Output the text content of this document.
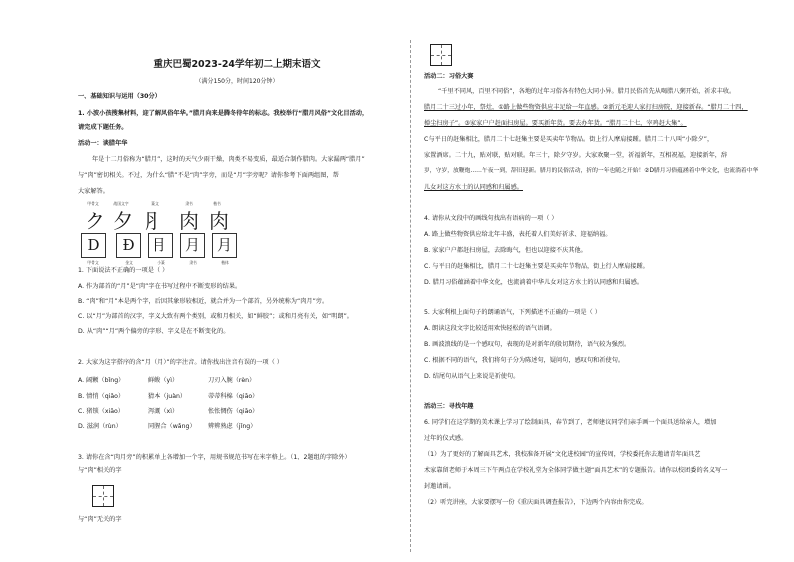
重庆巴蜀2023-24学年初二上期末语文
（满分150分，时间120分钟）
一、基础知识与运用（30分）
1. 小波小孩搜集材料，迎了解风俗年华。”腊月向来是腾冬待年的标志。我校举行“腊月风俗”文化目活动，
请完成下题任务。
活动一：谈腊年华
年是十二月俗称为“腊月”，这时的天气少雨干燥，肉类不易变质，最适合制作腊肉。大家漏两“腊月”
与“肉”密切相关。不过，为什么“腊”不是“肉”字旁，而是“月”字旁呢？请你参考下面两组图，帮
大家解答。
甲骨文	战国文字	篆文	隶书	楷书
ク 夕 ⺼ 肉 肉
D	Ð	⺝	月	月
甲骨文	金文	小篆	隶书	楷体
1. 下面说法不正确的一项是（ ）
A. 作为部首的“月”是“肉”字在书写过程中不断变形的结果。
B. “肉”和“月”本是两个字，后因其象形较相近，就合并为一个部首，另外统称为“肉月”旁。
C. 以“月”为部首的汉字，字义大致有两个类别，或和月相关，如“鲜胶”；或和月亮有关，如“明朗”。
D. 从“肉”“月”两个偏旁的字形、字义是在不断变化的。
2. 大家为这字搭序的含“月（月）”的字注音。请你找出注音有误的一项（ ）
A. 阔颗（bǐng）	鲜鲅（yì）	刀刃入腕（rèn）
B. 情悄（qiǎo）	猜本（juàn）	蒂蒂科棉（qiāo）
C. 猪锁（xiāo）	泻溉（xì）	怅怅惆伤（qiāo）
D. 滋润（rùn）	同腥合（wǎng） 辨辨熟虑（jǐng）
3. 请你在含“肉月旁”的积累单上各增加一个字，用规书规范书写在米字格上。（1、2题组的字除外）
与“肉”相关的字
与“肉”无关的字
活动二：习俗大赛
“千里不同风，百里不同俗”，各地的过年习俗各有特色大同小异。腊月民俗首先从喝腊八粥开始，祈求丰收。
腊月二十三过小年，祭灶，①路上做些物资供应丰足给一年直感。②新元毛迎人家打扫房院，迎接新春。“腊月二十四，
掸尘扫房子”。③家家户户赶面扫房屋。要买新年货。要去办年货。“腊月二十七，宰鸡赶大集”。
C与平日的赶集相比，腊月二十七赶集主要是买卖年节物品。街上行人摩肩接踵。腊月二十八叫“小除夕”，
家置酒席。二十九，贴对联，贴对联。年三十，除夕守岁。大家欢聚一堂，祈福新年，互相祝福，迎接新年，辞
岁，守岁，放鞭炮……午夜一到，辞旧迎新。腊月的民俗活动，折的一年也随之开始！②D腊月习俗蕴涵着中华文化，也流淌着中华
儿女对这方水土的认同感和归属感。
4. 请你从文段中的画线句找出有语病的一项（ ）
A. 路上做些物资供应给北年丰盛，表托着人们美好祈求、迎福纳福。
B. 家家户户都赶扫房屋，去除晦气，但也以迎接不庆其他。
C. 与平日的赶集相比，腊月二十七赶集主要是买卖年节物品，街上行人摩肩接踵。
D. 腊月习俗蕴涵着中华文化，也流淌着中华儿女对这方水土的认同感和归属感。
5. 大家利根上面句子的朗诵语气，下列描述不正确的一项是（ ）
A. 朗读这段文字比较适用欢快轻松的语气语调。
B. 画波浪线的是一个感叹句，表现的是对新年的殷切期待，语气较为强烈。
C. 根据不同的语气，我们将句子分为陈述句，疑问句，感叹句和祈使句。
D. 结尾句从语气上来说是祈使句。
活动三：寻找年趣
6. 同学们在这学期的美术课上学习了绘制面具，春节到了，老师建议同学们亲手画一个面具送给亲人，增加
过年的仪式感。
（1）为了更好的了解面具艺术，我校准备开展“文化进校园”的宣传周，学校委托你去邀请青年面具艺
术家靠留老师于本周三下午两点在学校礼堂为全体同学做主题“面具艺术”的专题报告。请你以校团委的名义写一
封邀请函。
（2）听完讲座，大家要摆写一份《重庆面具调查报告》，下边两个内容由你完成。
